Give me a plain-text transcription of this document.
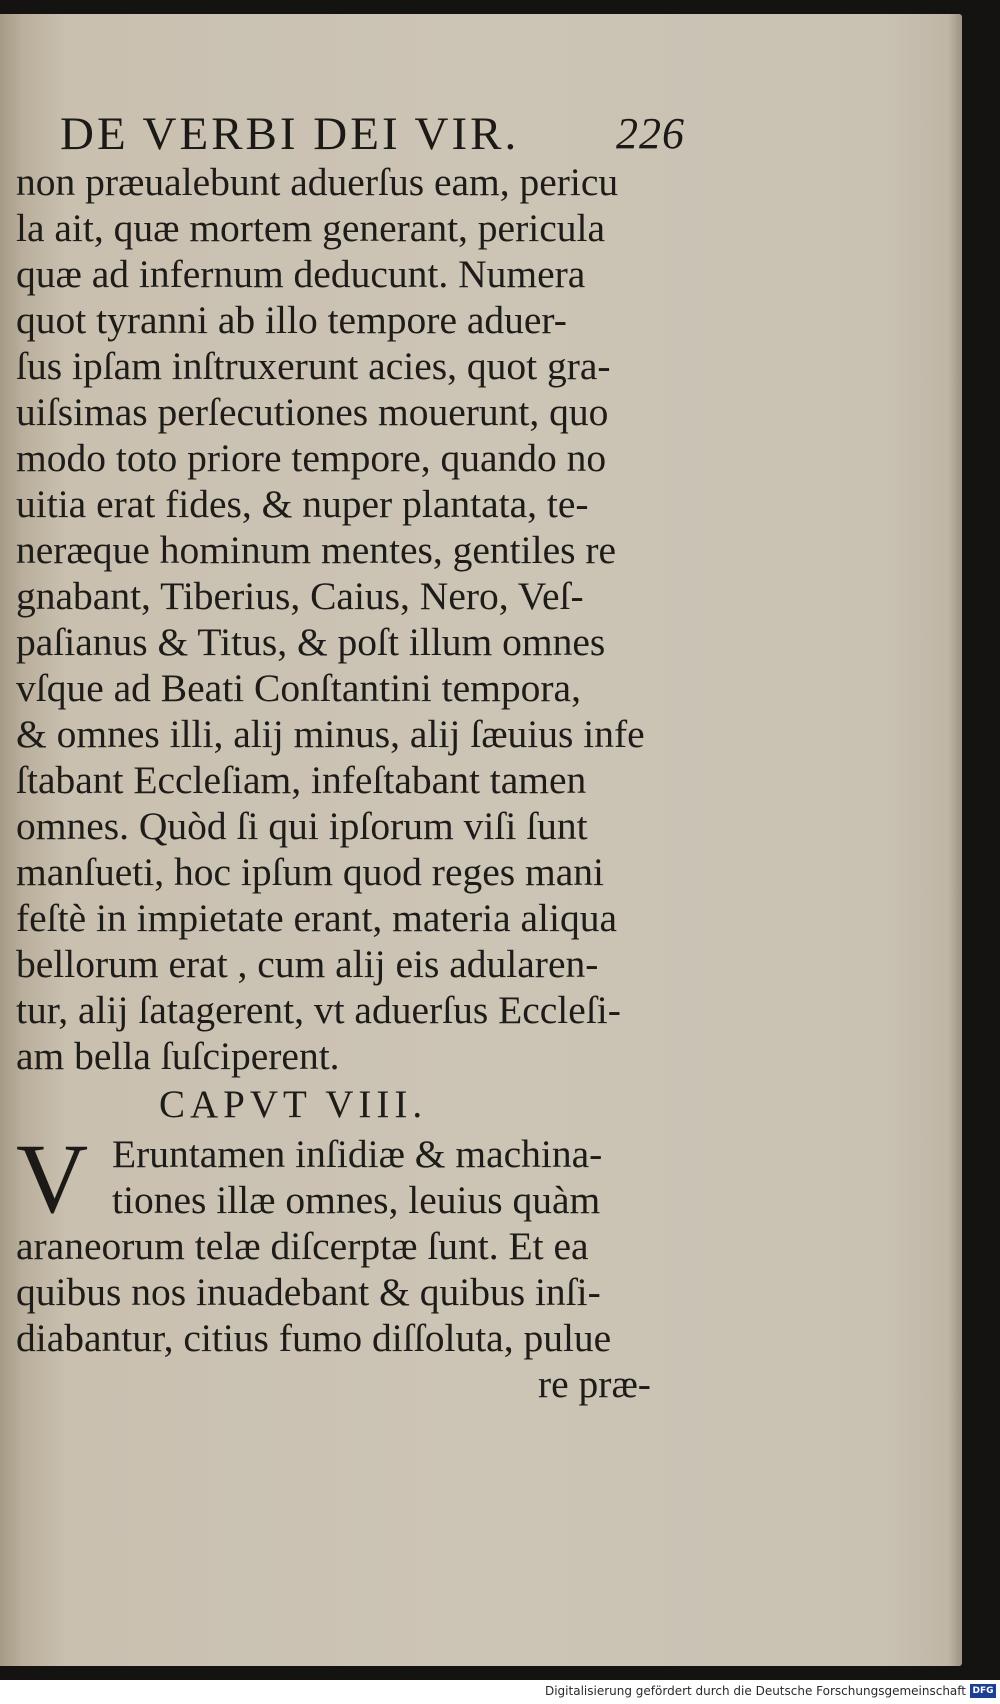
DE VERBI DEI VIR. 226
non præualebunt aduerſus eam, pericu
la ait, quæ mortem generant, pericula
quæ ad infernum deducunt. Numera
quot tyranni ab illo tempore aduer-
ſus ipſam inſtruxerunt acies, quot gra-
uiſsimas perſecutiones mouerunt, quo
modo toto priore tempore, quando no
uitia erat fides, & nuper plantata, te-
neræque hominum mentes, gentiles re
gnabant, Tiberius, Caius, Nero, Veſ-
paſianus & Titus, & poſt illum omnes
vſque ad Beati Conſtantini tempora,
& omnes illi, alij minus, alij ſæuius infe
ſtabant Eccleſiam, infeſtabant tamen
omnes. Quòd ſi qui ipſorum viſi ſunt
manſueti, hoc ipſum quod reges mani
feſtè in impietate erant, materia aliqua
bellorum erat , cum alij eis adularen-
tur, alij ſatagerent, vt aduerſus Eccleſi-
am bella ſuſciperent.
CAPVT VIII.
V Eruntamen inſidiæ & machina-
tiones illæ omnes, leuius quàm
araneorum telæ diſcerptæ ſunt. Et ea
quibus nos inuadebant & quibus inſi-
diabantur, citius fumo diſſoluta, pulue
re præ-
Digitalisierung gefördert durch die Deutsche Forschungsgemeinschaft DFG
